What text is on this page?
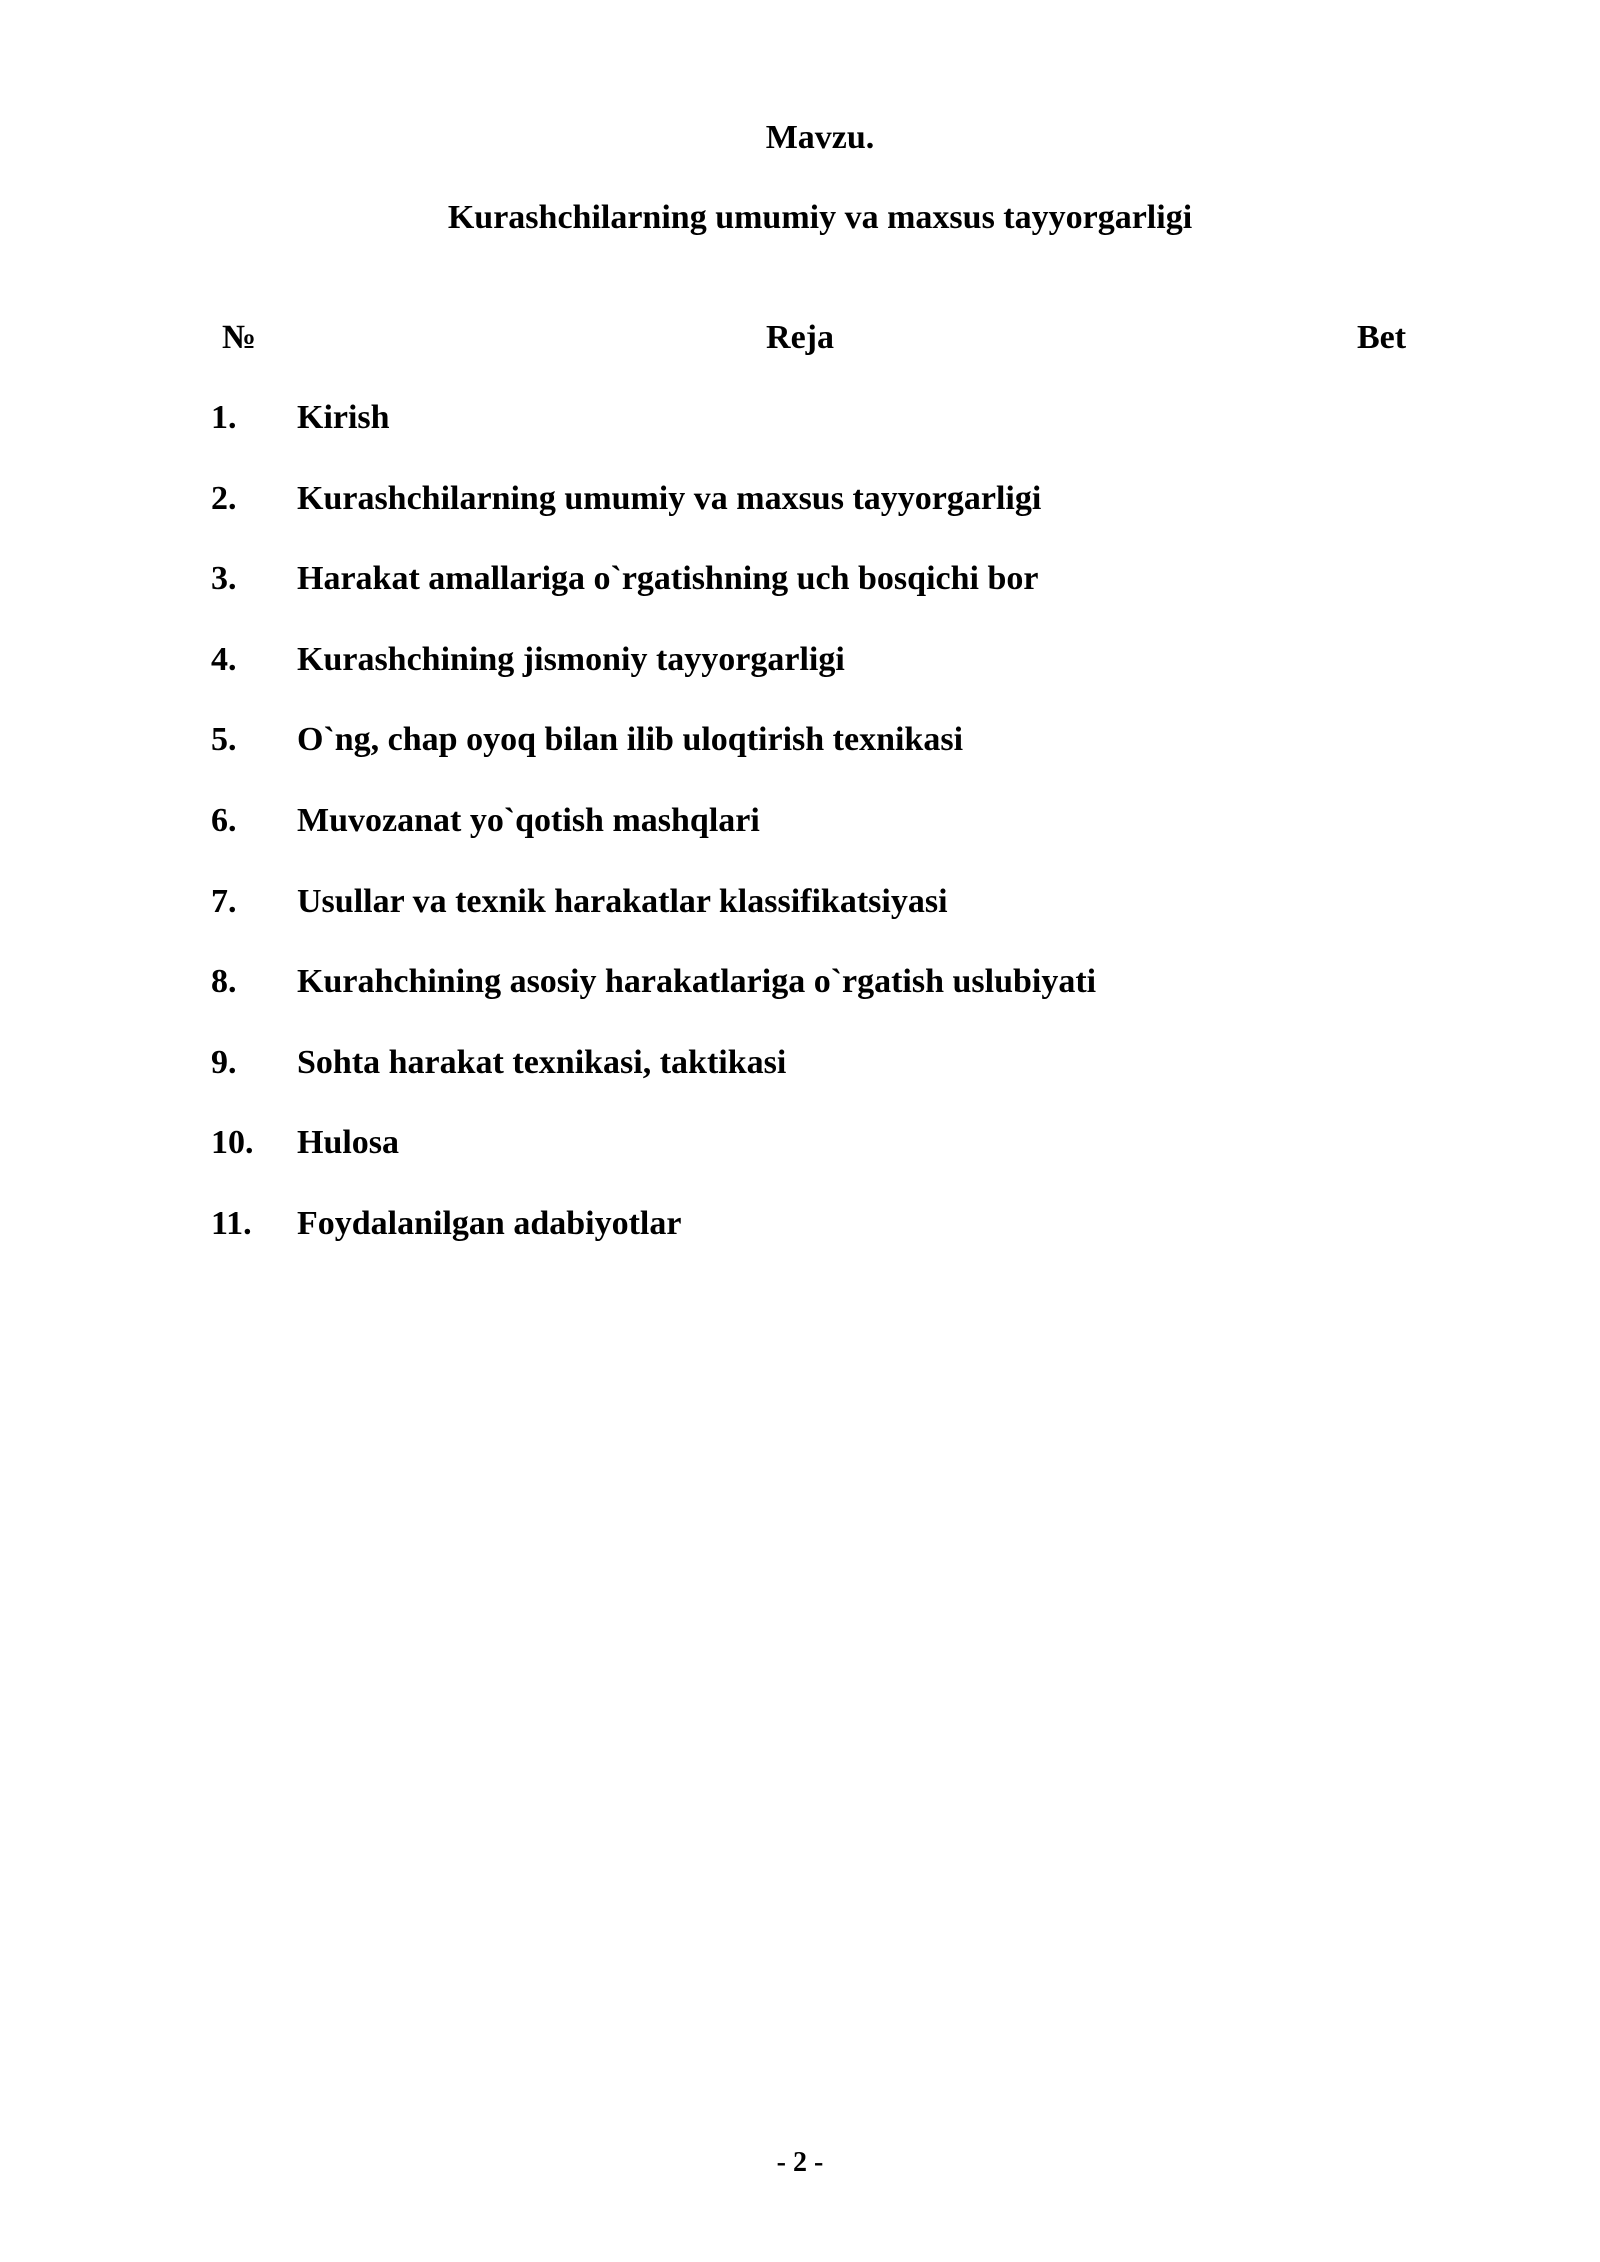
Mavzu.
Kurashchilarning umumiy va maxsus tayyorgarligi
№	Reja	Bet
1. Kirish
2. Kurashchilarning umumiy va maxsus tayyorgarligi
3. Harakat amallariga o`rgatishning uch bosqichi bor
4. Kurashchining jismoniy tayyorgarligi
5. O`ng, chap oyoq bilan ilib uloqtirish texnikasi
6. Muvozanat yo`qotish mashqlari
7. Usullar va texnik harakatlar klassifikatsiyasi
8. Kurahchining asosiy harakatlariga o`rgatish uslubiyati
9. Sohta harakat texnikasi, taktikasi
10. Hulosa
11. Foydalanilgan adabiyotlar
- 2 -
